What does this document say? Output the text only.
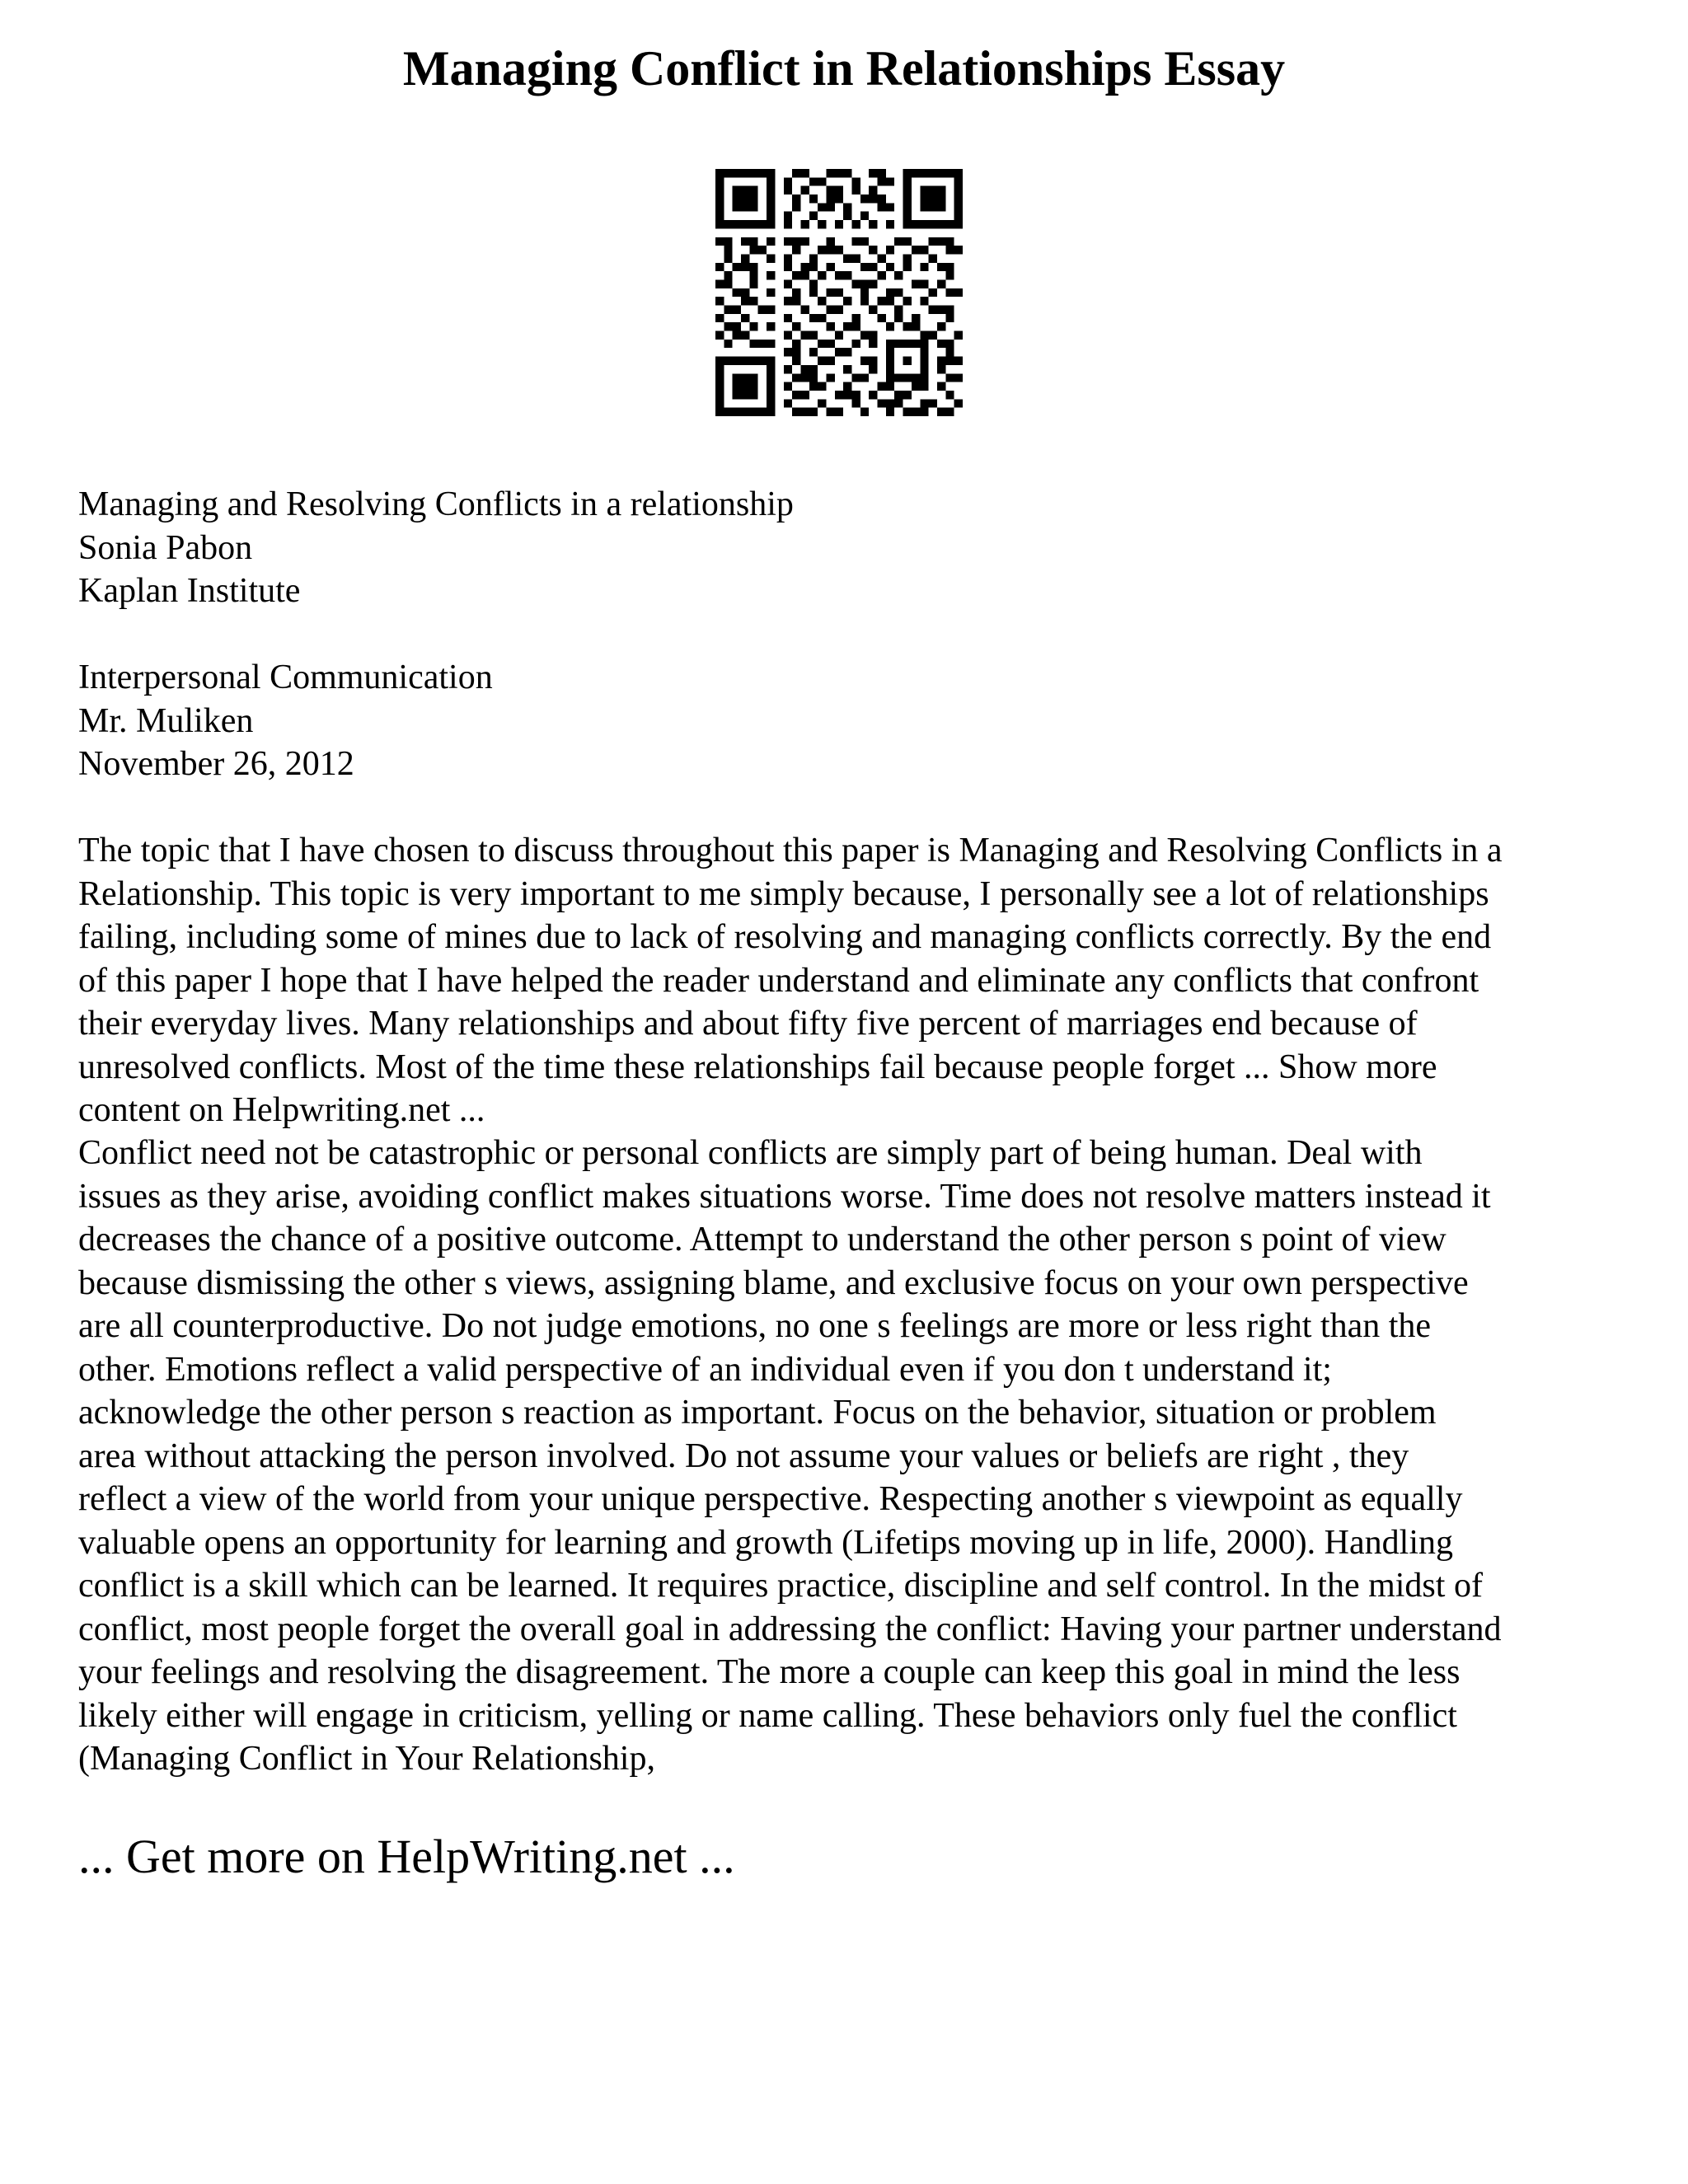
Managing Conflict in Relationships Essay
Managing and Resolving Conflicts in a relationship
Sonia Pabon
Kaplan Institute
Interpersonal Communication
Mr. Muliken
November 26, 2012
The topic that I have chosen to discuss throughout this paper is Managing and Resolving Conflicts in a
Relationship. This topic is very important to me simply because, I personally see a lot of relationships
failing, including some of mines due to lack of resolving and managing conflicts correctly. By the end
of this paper I hope that I have helped the reader understand and eliminate any conflicts that confront
their everyday lives. Many relationships and about fifty five percent of marriages end because of
unresolved conflicts. Most of the time these relationships fail because people forget ... Show more
content on Helpwriting.net ...
Conflict need not be catastrophic or personal conflicts are simply part of being human. Deal with
issues as they arise, avoiding conflict makes situations worse. Time does not resolve matters instead it
decreases the chance of a positive outcome. Attempt to understand the other person s point of view
because dismissing the other s views, assigning blame, and exclusive focus on your own perspective
are all counterproductive. Do not judge emotions, no one s feelings are more or less right than the
other. Emotions reflect a valid perspective of an individual even if you don t understand it;
acknowledge the other person s reaction as important. Focus on the behavior, situation or problem
area without attacking the person involved. Do not assume your values or beliefs are right , they
reflect a view of the world from your unique perspective. Respecting another s viewpoint as equally
valuable opens an opportunity for learning and growth (Lifetips moving up in life, 2000). Handling
conflict is a skill which can be learned. It requires practice, discipline and self control. In the midst of
conflict, most people forget the overall goal in addressing the conflict: Having your partner understand
your feelings and resolving the disagreement. The more a couple can keep this goal in mind the less
likely either will engage in criticism, yelling or name calling. These behaviors only fuel the conflict
(Managing Conflict in Your Relationship,
... Get more on HelpWriting.net ...
